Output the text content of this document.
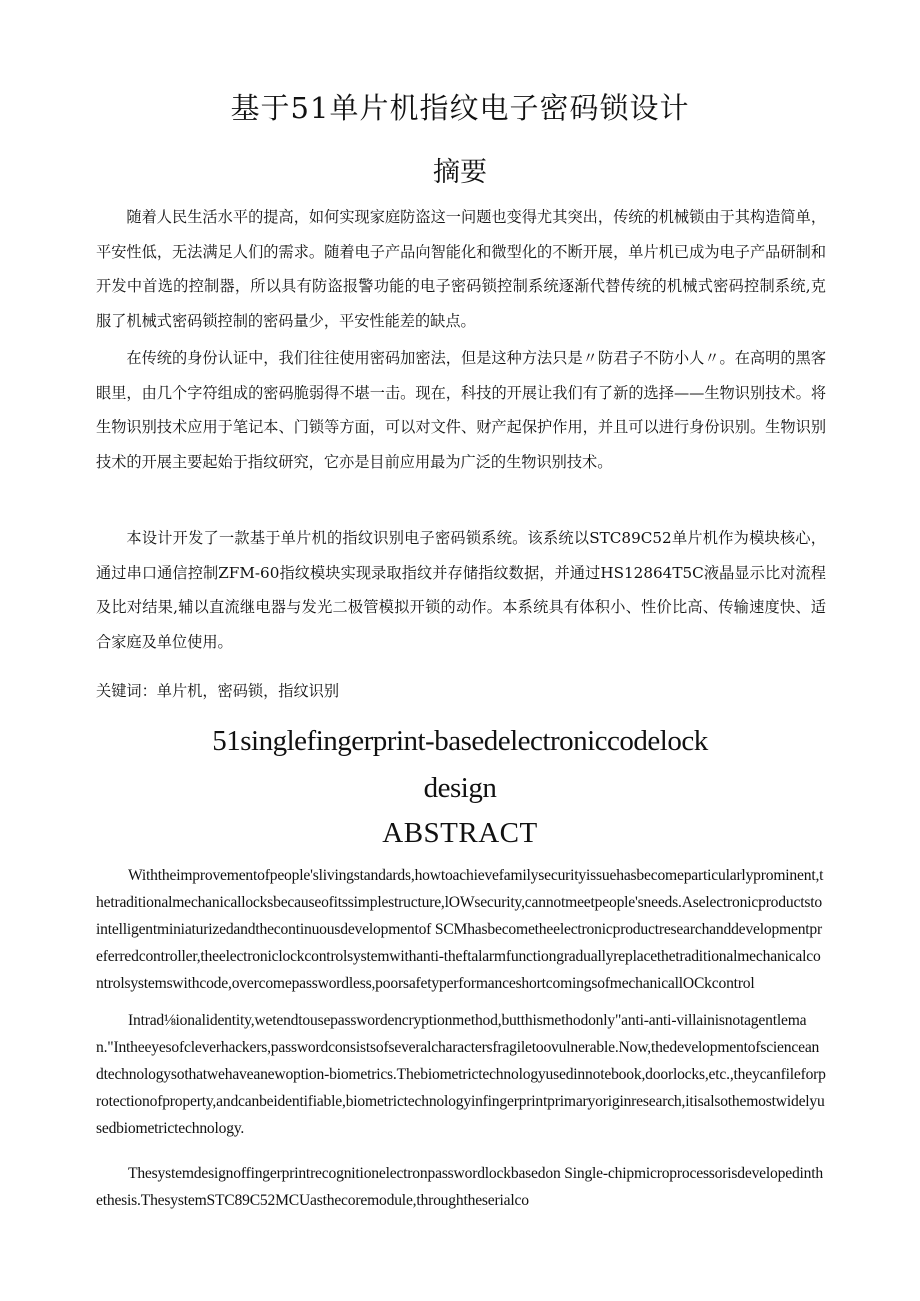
基于51单片机指纹电子密码锁设计
摘要

随着人民生活水平的提高，如何实现家庭防盗这一问题也变得尤其突出，传统的机械锁由于其构造简单，平安性低，无法满足人们的需求。随着电子产品向智能化和微型化的不断开展，单片机已成为电子产品研制和开发中首选的控制器，所以具有防盗报警功能的电子密码锁控制系统逐渐代替传统的机械式密码控制系统,克服了机械式密码锁控制的密码量少，平安性能差的缺点。

在传统的身份认证中，我们往往使用密码加密法，但是这种方法只是〃防君子不防小人〃。在高明的黑客眼里，由几个字符组成的密码脆弱得不堪一击。现在，科技的开展让我们有了新的选择——生物识别技术。将生物识别技术应用于笔记本、门锁等方面，可以对文件、财产起保护作用，并且可以进行身份识别。生物识别技术的开展主要起始于指纹研究，它亦是目前应用最为广泛的生物识别技术。

本设计开发了一款基于单片机的指纹识别电子密码锁系统。该系统以STC89C52单片机作为模块核心，通过串口通信控制ZFM-60指纹模块实现录取指纹并存储指纹数据，并通过HS12864T5C液晶显示比对流程及比对结果,辅以直流继电器与发光二极管模拟开锁的动作。本系统具有体积小、性价比高、传输速度快、适合家庭及单位使用。

关键词：单片机，密码锁，指纹识别
51singlefingerprint-basedelectroniccodelock
design
ABSTRACT

Withtheimprovementofpeople'slivingstandards,howtoachievefamilysecurityissuehasbecomeparticularlyprominent,thetraditionalmechanicallocksbecauseofitssimplestructure,lOWsecurity,cannotmeetpeople'sneeds.Aselectronicproductstointelligentminiaturizedandthecontinuousdevelopmentof SCMhasbecometheelectronicproductresearchanddevelopmentpreferredcontroller,theelectroniclockcontrolsystemwithanti-theftalarmfunctiongraduallyreplacethetraditionalmechanicalcontrolsystemswithcode,overcomepasswordless,poorsafetyperformanceshortcomingsofmechanicallOCkcontrol

Intrad⅛ionalidentity,wetendtousepasswordencryptionmethod,butthismethodonly"anti-anti-villainisnotagentleman."Intheeyesofcleverhackers,passwordconsistsofseveralcharactersfragiletoovulnerable.Now,thedevelopmentofscienceandtechnologysothatwehaveanewoption-biometrics.Thebiometrictechnologyusedinnotebook,doorlocks,etc.,theycanfileforprotectionofproperty,andcanbeidentifiable,biometrictechnologyinfingerprintprimaryoriginresearch,itisalsothemostwidelyusedbiometrictechnology.

Thesystemdesignoffingerprintrecognitionelectronpasswordlockbasedon Single-chipmicroprocessorisdevelopedinthethesis.ThesystemSTC89C52MCUasthecoremodule,throughtheserialco
